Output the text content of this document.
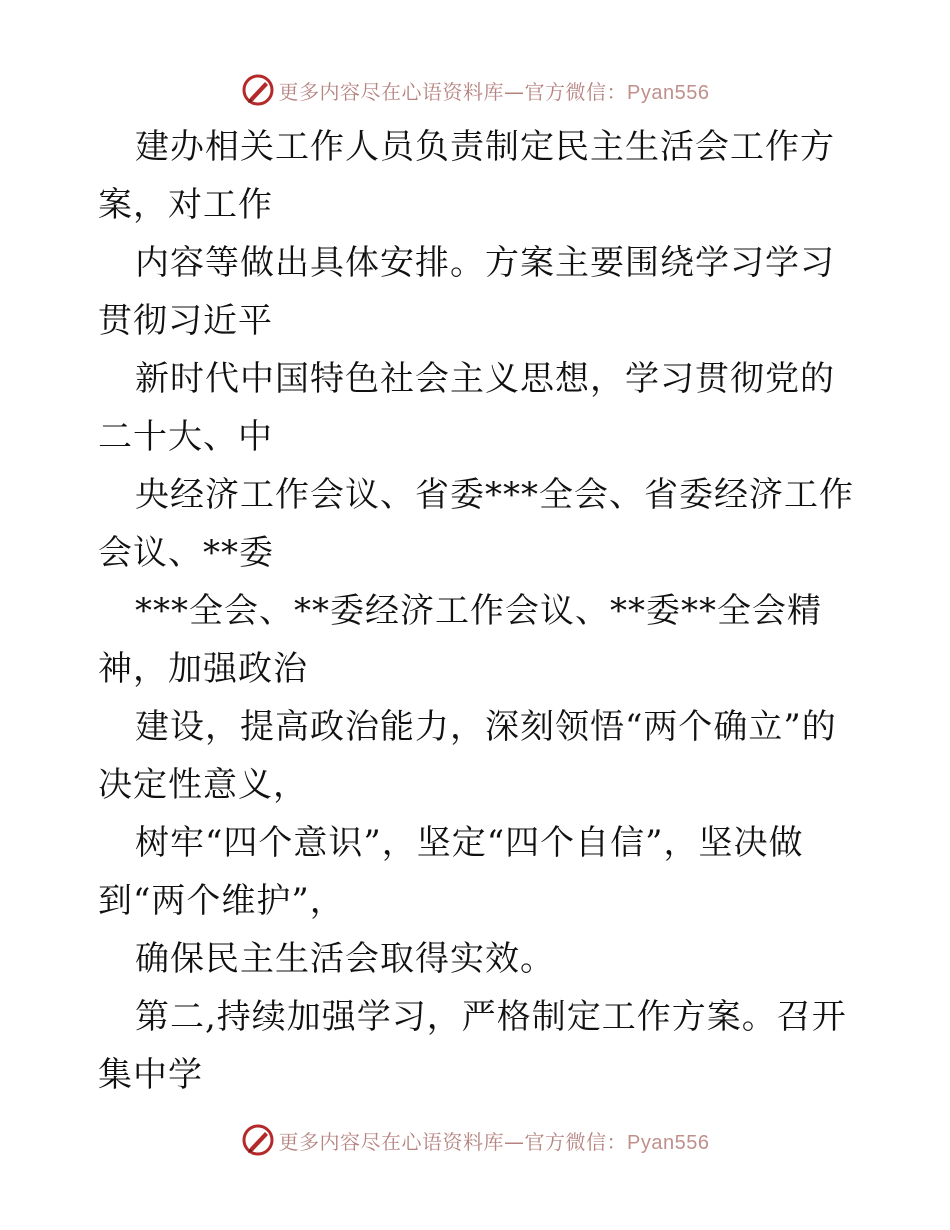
更多内容尽在心语资料库—官方微信：Pyan556

建办相关工作人员负责制定民主生活会工作方案，对工作

内容等做出具体安排。方案主要围绕学习学习贯彻习近平

新时代中国特色社会主义思想，学习贯彻党的二十大、中

央经济工作会议、省委***全会、省委经济工作会议、**委

***全会、**委经济工作会议、**委**全会精神，加强政治

建设，提高政治能力，深刻领悟“两个确立”的决定性意义，

树牢“四个意识”，坚定“四个自信”，坚决做到“两个维护”，

确保民主生活会取得实效。

第二,持续加强学习，严格制定工作方案。召开集中学

更多内容尽在心语资料库—官方微信：Pyan556
